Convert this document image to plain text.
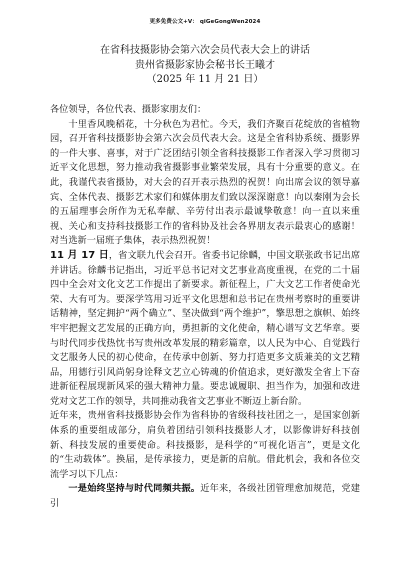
更多免费公文+V： qiGeGongWen2024
在省科技摄影协会第六次会员代表大会上的讲话
贵州省摄影家协会秘书长王曦才
（2025 年 11 月 21 日）

各位领导，各位代表、摄影家朋友们：

十里香风晚稻花，十分秋色为君忙。今天，我们齐聚百花绽放的省植物园，召开省科技摄影协会第六次会员代表大会。这是全省科协系统、摄影界的一件大事、喜事，对于广泛团结引领全省科技摄影工作者深入学习贯彻习近平文化思想，努力推动我省摄影事业繁荣发展，具有十分重要的意义。在此，我谨代表省摄协，对大会的召开表示热烈的祝贺！向出席会议的领导嘉宾、全体代表、摄影艺术家们和媒体朋友们致以深深谢意！向以秦刚为会长的五届理事会所作为无私奉献、辛劳付出表示最诚挚敬意！向一直以来重视、关心和支持科技摄影工作的省科协及社会各界朋友表示最衷心的感谢！对当选新一届班子集体，表示热烈祝贺！

11 月 17 日，省文联九代会召开。省委书记徐麟，中国文联张政书记出席并讲话。徐麟书记指出，习近平总书记对文艺事业高度重视，在党的二十届四中全会对文化文艺工作提出了新要求。新征程上，广大文艺工作者使命光荣、大有可为。要深学笃用习近平文化思想和总书记在贵州考察时的重要讲话精神，坚定拥护“两个确立”、坚决做到“两个维护”，擎思想之旗帜、始终牢牢把握文艺发展的正确方向，勇担新的文化使命，精心谱写文艺华章。要与时代同步伐热忱书写贵州改革发展的精彩篇章，以人民为中心、自觉践行文艺服务人民的初心使命，在传承中创新、努力打造更多文质兼美的文艺精品，用德行引风尚躬身诠释文艺立心铸魂的价值追求，更好激发全省上下奋进新征程展现新风采的强大精神力量。要忠诚履职、担当作为，加强和改进党对文艺工作的领导，共同推动我省文艺事业不断迈上新台阶。

近年来，贵州省科技摄影协会作为省科协的省级科技社团之一，是国家创新体系的重要组成部分，肩负着团结引领科技摄影人才，以影像讲好科技创新、科技发展的重要使命。科技摄影，是科学的“可视化语言”，更是文化的“生动载体”。换届，是传承接力，更是新的启航。借此机会，我和各位交流学习以下几点：

一是始终坚持与时代同频共振。近年来，各级社团管理愈加规范，党建引
